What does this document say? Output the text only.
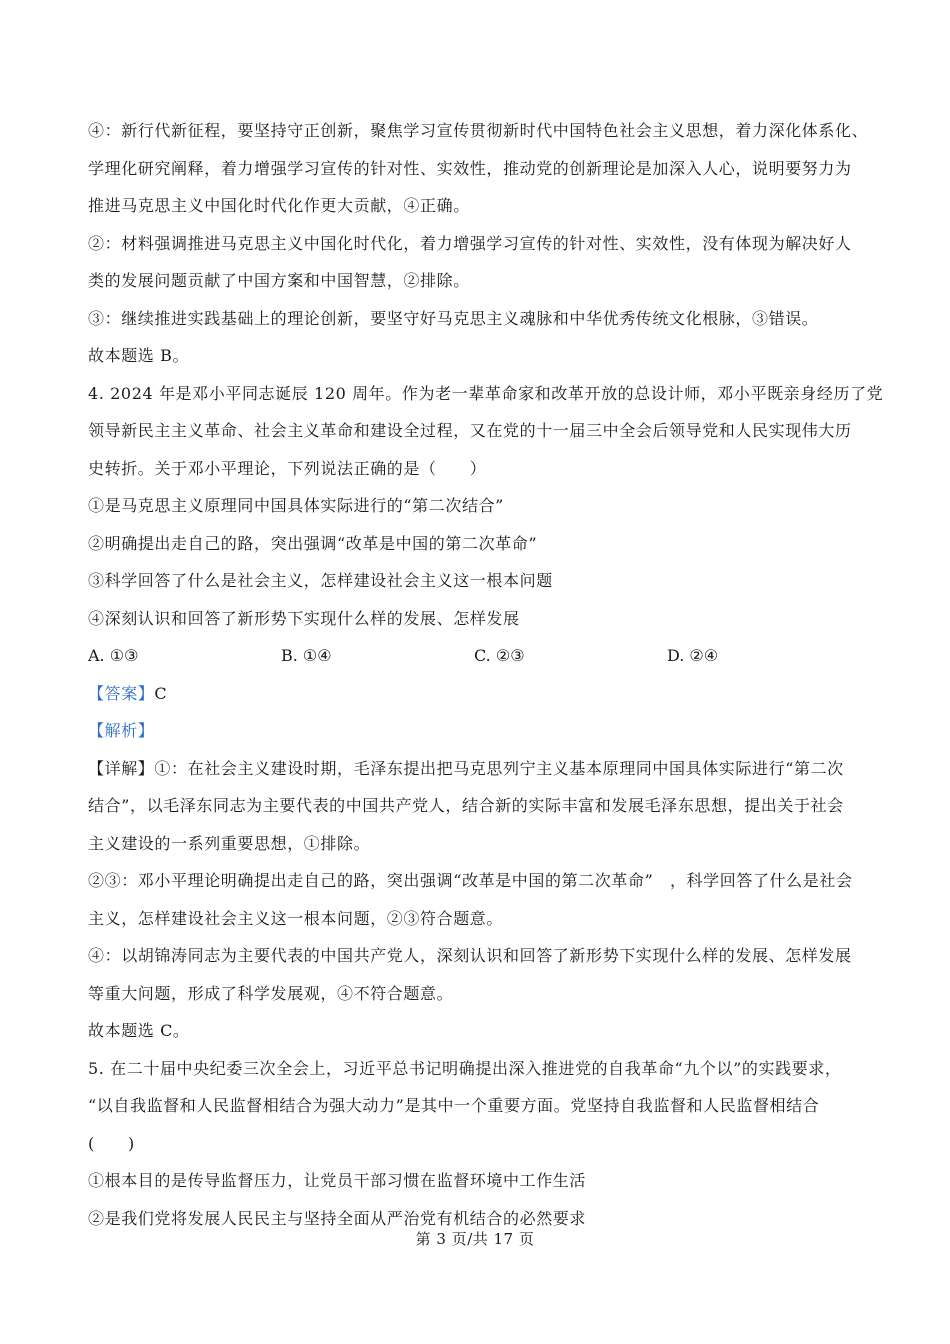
④：新行代新征程，要坚持守正创新，聚焦学习宣传贯彻新时代中国特色社会主义思想，着力深化体系化、
学理化研究阐释，着力增强学习宣传的针对性、实效性，推动党的创新理论是加深入人心，说明要努力为
推进马克思主义中国化时代化作更大贡献，④正确。
②：材料强调推进马克思主义中国化时代化，着力增强学习宣传的针对性、实效性，没有体现为解决好人
类的发展问题贡献了中国方案和中国智慧，②排除。
③：继续推进实践基础上的理论创新，要坚守好马克思主义魂脉和中华优秀传统文化根脉，③错误。
故本题选 B。
4. 2024 年是邓小平同志诞辰 120 周年。作为老一辈革命家和改革开放的总设计师，邓小平既亲身经历了党
领导新民主主义革命、社会主义革命和建设全过程，又在党的十一届三中全会后领导党和人民实现伟大历
史转折。关于邓小平理论，下列说法正确的是（　　）
①是马克思主义原理同中国具体实际进行的“第二次结合”
②明确提出走自己的路，突出强调“改革是中国的第二次革命”
③科学回答了什么是社会主义，怎样建设社会主义这一根本问题
④深刻认识和回答了新形势下实现什么样的发展、怎样发展
A. ①③	B. ①④	C. ②③	D. ②④
【答案】C
【解析】
【详解】①：在社会主义建设时期，毛泽东提出把马克思列宁主义基本原理同中国具体实际进行“第二次
结合”，以毛泽东同志为主要代表的中国共产党人，结合新的实际丰富和发展毛泽东思想，提出关于社会
主义建设的一系列重要思想，①排除。
②③：邓小平理论明确提出走自己的路，突出强调“改革是中国的第二次革命”　，科学回答了什么是社会
主义，怎样建设社会主义这一根本问题，②③符合题意。
④：以胡锦涛同志为主要代表的中国共产党人，深刻认识和回答了新形势下实现什么样的发展、怎样发展
等重大问题，形成了科学发展观，④不符合题意。
故本题选 C。
5. 在二十届中央纪委三次全会上，习近平总书记明确提出深入推进党的自我革命“九个以”的实践要求，
“以自我监督和人民监督相结合为强大动力”是其中一个重要方面。党坚持自我监督和人民监督相结合
(　　)
①根本目的是传导监督压力，让党员干部习惯在监督环境中工作生活
②是我们党将发展人民民主与坚持全面从严治党有机结合的必然要求
第 3 页/共 17 页
